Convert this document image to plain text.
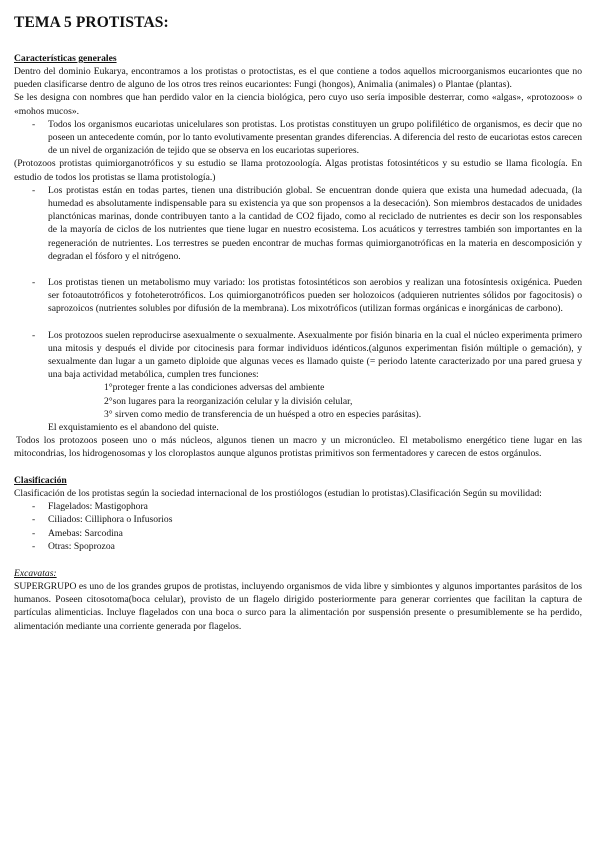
TEMA 5 PROTISTAS:
Características generales

Dentro del dominio Eukarya, encontramos a los protistas o protoctistas, es el que contiene a todos aquellos microorganismos eucariontes que no pueden clasificarse dentro de alguno de los otros tres reinos eucariontes: Fungi (hongos), Animalia (animales) o Plantae (plantas).

Se les designa con nombres que han perdido valor en la ciencia biológica, pero cuyo uso sería imposible desterrar, como «algas», «protozoos» o «mohos mucos».

- Todos los organismos eucariotas unicelulares son protistas. Los protistas constituyen un grupo polifilético de organismos, es decir que no poseen un antecedente común, por lo tanto evolutivamente presentan grandes diferencias. A diferencia del resto de eucariotas estos carecen de un nivel de organización de tejido que se observa en los eucariotas superiores.

(Protozoos protistas quimiorganotróficos y su estudio se llama protozoología. Algas protistas fotosintéticos y su estudio se llama ficología. En estudio de todos los protistas se llama protistología.)

- Los protistas están en todas partes, tienen una distribución global. Se encuentran donde quiera que exista una humedad adecuada, (la humedad es absolutamente indispensable para su existencia ya que son propensos a la desecación). Son miembros destacados de unidades planctónicas marinas, donde contribuyen tanto a la cantidad de CO2 fijado, como al reciclado de nutrientes es decir son los responsables de la mayoría de ciclos de los nutrientes que tiene lugar en nuestro ecosistema. Los acuáticos y terrestres también son importantes en la regeneración de nutrientes. Los terrestres se pueden encontrar de muchas formas quimiorganotróficas en la materia en descomposición y degradan el fósforo y el nitrógeno.
- Los protistas tienen un metabolismo muy variado: los protistas fotosintéticos son aerobios y realizan una fotosíntesis oxigénica. Pueden ser fotoautotróficos y fotoheterotróficos. Los quimiorganotróficos pueden ser holozoicos (adquieren nutrientes sólidos por fagocitosis) o saprozoicos (nutrientes solubles por difusión de la membrana). Los mixotróficos (utilizan formas orgánicas e inorgánicas de carbono).
- Los protozoos suelen reproducirse asexualmente o sexualmente. Asexualmente por fisión binaria en la cual el núcleo experimenta primero una mitosis y después el divide por citocinesis para formar individuos idénticos.(algunos experimentan fisión múltiple o gemación), y sexualmente dan lugar a un gameto diploide que algunas veces es llamado quiste (= periodo latente caracterizado por una pared gruesa y una baja actividad metabólica, cumplen tres funciones:
1°proteger frente a las condiciones adversas del ambiente
2°son lugares para la reorganización celular y la división celular,
3° sirven como medio de transferencia de un huésped a otro en especies parásitas).
El exquistamiento es el abandono del quiste.

Todos los protozoos poseen uno o más núcleos, algunos tienen un macro y un micronúcleo. El metabolismo energético tiene lugar en las mitocondrias, los hidrogenosomas y los cloroplastos aunque algunos protistas primitivos son fermentadores y carecen de estos orgánulos.

Clasificación

Clasificación de los protistas según la sociedad internacional de los prostiólogos (estudian lo protistas).Clasificación Según su movilidad:

- Flagelados: Mastigophora
- Ciliados: Cilliphora o Infusorios
- Amebas: Sarcodina
- Otras: Spoprozoa
Excavatas:

SUPERGRUPO es uno de los grandes grupos de protistas, incluyendo organismos de vida libre y simbiontes y algunos importantes parásitos de los humanos. Poseen citosotoma(boca celular), provisto de un flagelo dirigido posteriormente para generar corrientes que facilitan la captura de partículas alimenticias. Incluye flagelados con una boca o surco para la alimentación por suspensión presente o presumiblemente se ha perdido, alimentación mediante una corriente generada por flagelos.
